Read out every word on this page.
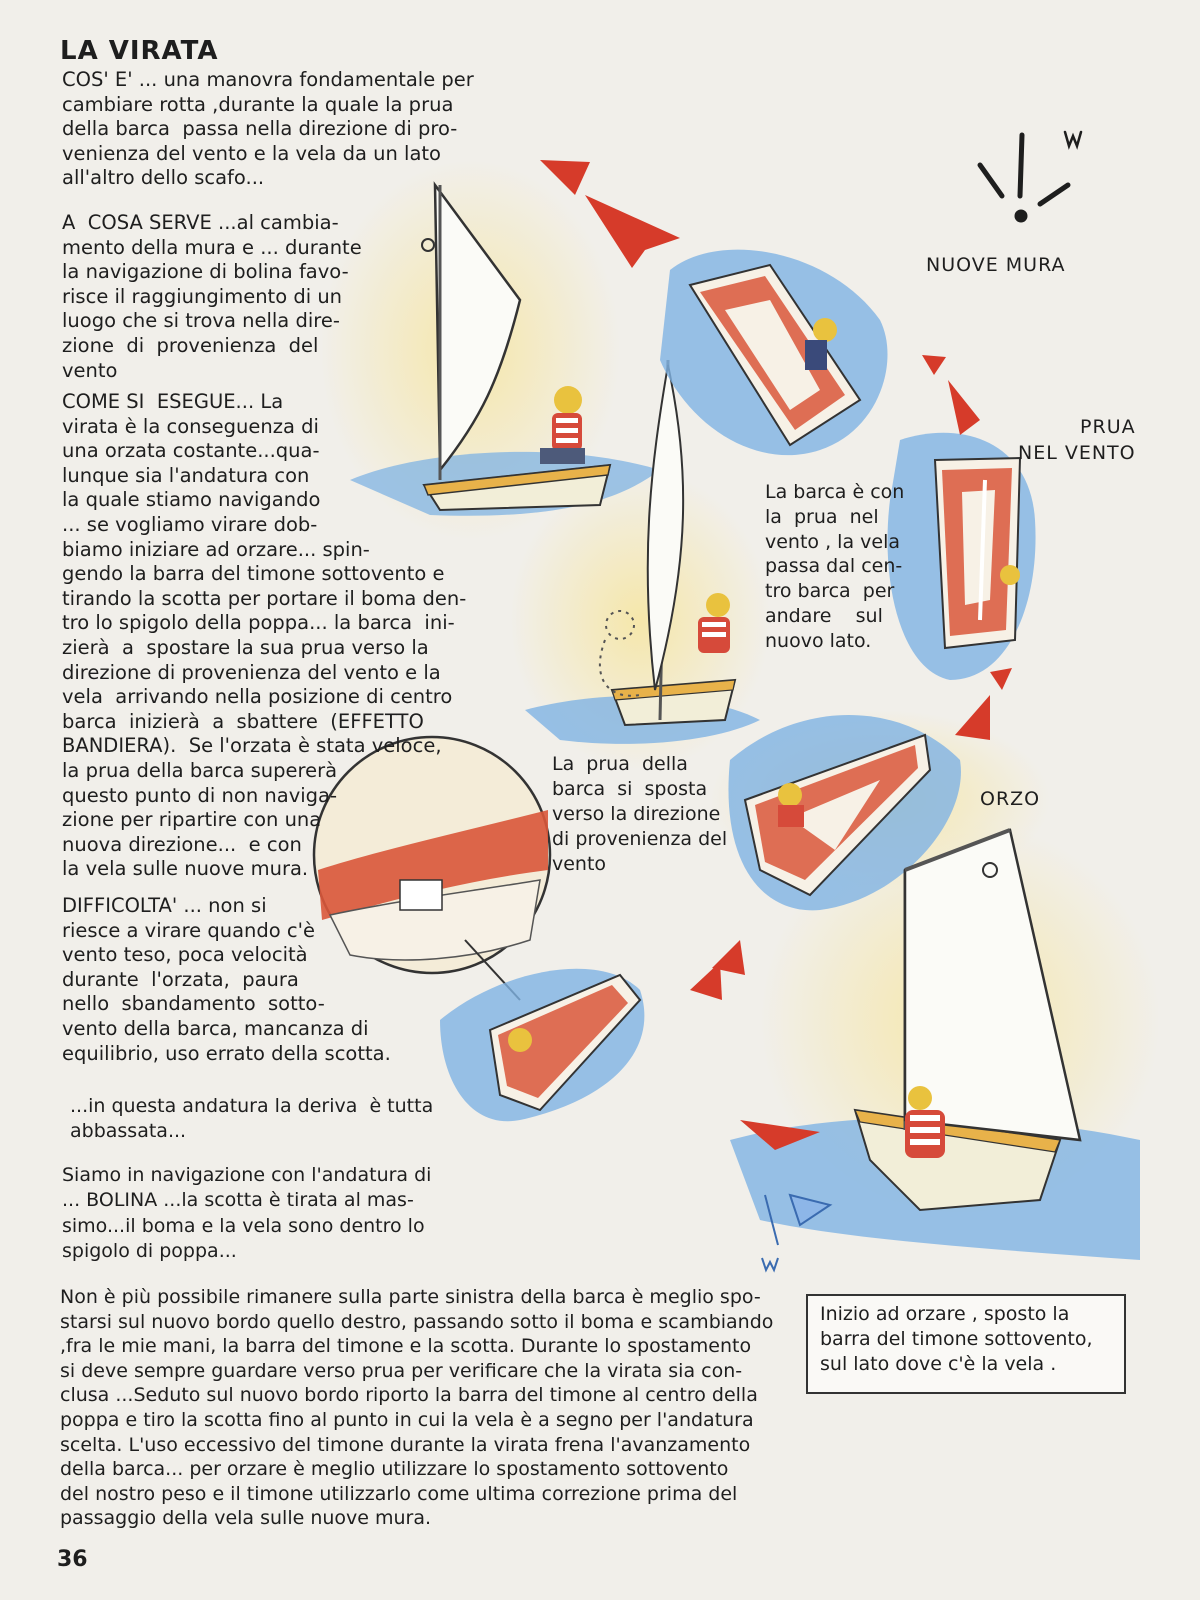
LA VIRATA
COS' E' ... una manovra fondamentale per
cambiare rotta ,durante la quale la prua
della barca  passa nella direzione di pro-
venienza del vento e la vela da un lato
all'altro dello scafo...
A  COSA SERVE ...al cambia-
mento della mura e ... durante
la navigazione di bolina favo-
risce il raggiungimento di un
luogo che si trova nella dire-
zione  di  provenienza  del
vento
COME SI  ESEGUE... La
virata è la conseguenza di
una orzata costante...qua-
lunque sia l'andatura con
la quale stiamo navigando
... se vogliamo virare dob-
biamo iniziare ad orzare... spin-
gendo la barra del timone sottovento e
tirando la scotta per portare il boma den-
tro lo spigolo della poppa... la barca  ini-
zierà  a  spostare la sua prua verso la
direzione di provenienza del vento e la
vela  arrivando nella posizione di centro
barca  inizierà  a  sbattere  (EFFETTO
BANDIERA).  Se l'orzata è stata veloce,
la prua della barca supererà
questo punto di non naviga-
zione per ripartire con una
nuova direzione...  e con
la vela sulle nuove mura.
DIFFICOLTA' ... non si
riesce a virare quando c'è
vento teso, poca velocità
durante  l'orzata,  paura
nello  sbandamento  sotto-
vento della barca, mancanza di
equilibrio, uso errato della scotta.
...in questa andatura la deriva  è tutta
abbassata...
Siamo in navigazione con l'andatura di
... BOLINA ...la scotta è tirata al mas-
simo...il boma e la vela sono dentro lo
spigolo di poppa...
Non è più possibile rimanere sulla parte sinistra della barca è meglio spo-
starsi sul nuovo bordo quello destro, passando sotto il boma e scambiando
,fra le mie mani, la barra del timone e la scotta. Durante lo spostamento
si deve sempre guardare verso prua per verificare che la virata sia con-
clusa ...Seduto sul nuovo bordo riporto la barra del timone al centro della
poppa e tiro la scotta fino al punto in cui la vela è a segno per l'andatura
scelta. L'uso eccessivo del timone durante la virata frena l'avanzamento
della barca... per orzare è meglio utilizzare lo spostamento sottovento
del nostro peso e il timone utilizzarlo come ultima correzione prima del
passaggio della vela sulle nuove mura.
La barca è con
la  prua  nel
vento , la vela
passa dal cen-
tro barca  per
andare    sul
nuovo lato.
La  prua  della
barca  si  sposta
verso la direzione
di provenienza del
vento
Inizio ad orzare , sposto la
barra del timone sottovento,
sul lato dove c'è la vela .
NUOVE MURA
PRUA
NEL VENTO
ORZO
36
